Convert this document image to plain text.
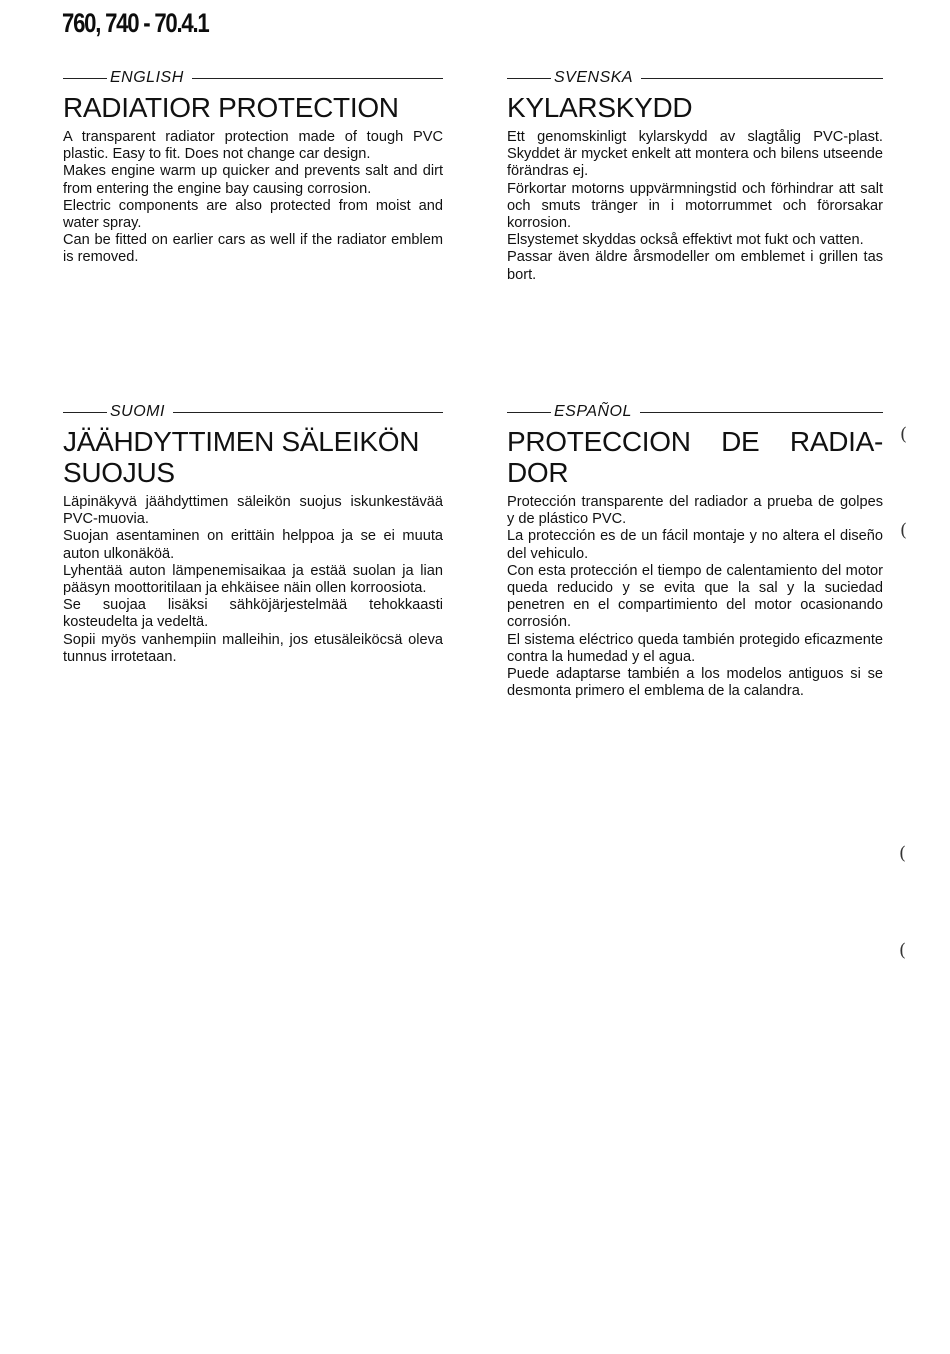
760, 740 - 70.4.1
ENGLISH
RADIATIOR PROTECTION

A transparent radiator protection made of tough PVC plastic. Easy to fit. Does not change car design.

Makes engine warm up quicker and prevents salt and dirt from entering the engine bay causing corrosion.

Electric components are also protected from moist and water spray.

Can be fitted on earlier cars as well if the radiator emblem is removed.

SVENSKA
KYLARSKYDD

Ett genomskinligt kylarskydd av slagtålig PVC-plast. Skyddet är mycket enkelt att montera och bilens utseende förändras ej.

Förkortar motorns uppvärmningstid och förhindrar att salt och smuts tränger in i motorrummet och förorsakar korrosion.

Elsystemet skyddas också effektivt mot fukt och vatten.

Passar även äldre årsmodeller om emblemet i grillen tas bort.

SUOMI
JÄÄHDYTTIMEN SÄLEIKÖN SUOJUS

Läpinäkyvä jäähdyttimen säleikön suojus iskunkestävää PVC-muovia.

Suojan asentaminen on erittäin helppoa ja se ei muuta auton ulkonäköä.

Lyhentää auton lämpenemisaikaa ja estää suolan ja lian pääsyn moottoritilaan ja ehkäisee näin ollen korroosiota.

Se suojaa lisäksi sähköjärjestelmää tehokkaasti kosteudelta ja vedeltä.

Sopii myös vanhempiin malleihin, jos etusäleiköсsä oleva tunnus irrotetaan.

ESPAÑOL
PROTECCION DE RADIA-DOR

Protección transparente del radiador a prueba de golpes y de plástico PVC.

La protección es de un fácil montaje y no altera el diseño del vehiculo.

Con esta protección el tiempo de calentamiento del motor queda reducido y se evita que la sal y la suciedad penetren en el compartimiento del motor ocasionando corrosión.

El sistema eléctrico queda también protegido eficazmente contra la humedad y el agua.

Puede adaptarse también a los modelos antiguos si se desmonta primero el emblema de la calandra.

(
(
(
(
